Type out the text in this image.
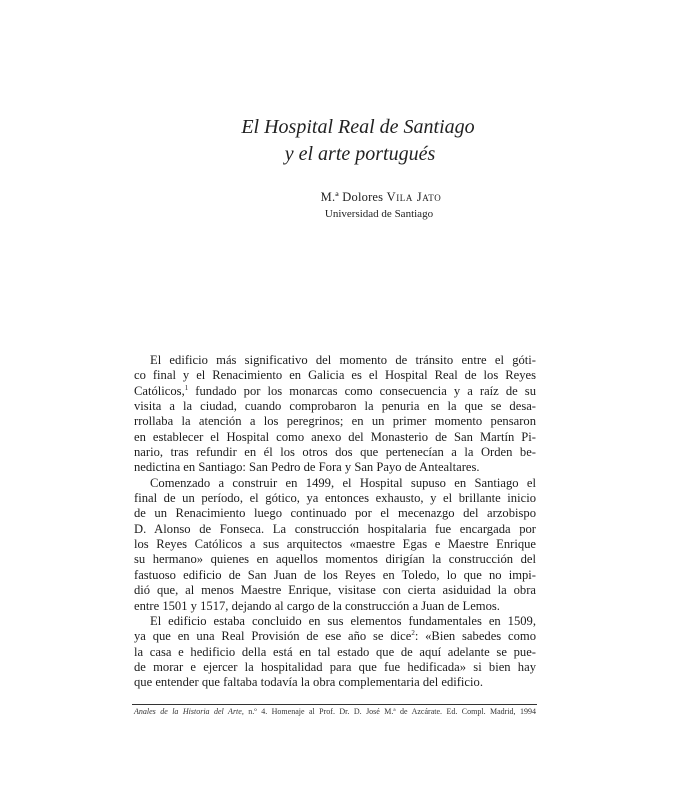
El Hospital Real de Santiago
y el arte portugués
M.ª Dolores Vila Jato
Universidad de Santiago
El edificio más significativo del momento de tránsito entre el góti-
co final y el Renacimiento en Galicia es el Hospital Real de los Reyes
Católicos,$^1$ fundado por los monarcas como consecuencia y a raíz de su
visita a la ciudad, cuando comprobaron la penuria en la que se desa-
rrollaba la atención a los peregrinos; en un primer momento pensaron
en establecer el Hospital como anexo del Monasterio de San Martín Pi-
nario, tras refundir en él los otros dos que pertenecían a la Orden be-
nedictina en Santiago: San Pedro de Fora y San Payo de Antealtares.
Comenzado a construir en 1499, el Hospital supuso en Santiago el
final de un período, el gótico, ya entonces exhausto, y el brillante inicio
de un Renacimiento luego continuado por el mecenazgo del arzobispo
D. Alonso de Fonseca. La construcción hospitalaria fue encargada por
los Reyes Católicos a sus arquitectos «maestre Egas e Maestre Enrique
su hermano» quienes en aquellos momentos dirigían la construcción del
fastuoso edificio de San Juan de los Reyes en Toledo, lo que no impi-
dió que, al menos Maestre Enrique, visitase con cierta asiduidad la obra
entre 1501 y 1517, dejando al cargo de la construcción a Juan de Lemos.
El edificio estaba concluido en sus elementos fundamentales en 1509,
ya que en una Real Provisión de ese año se dice$^2$: «Bien sabedes como
la casa e hedificio della está en tal estado que de aquí adelante se pue-
de morar e ejercer la hospitalidad para que fue hedificada» si bien hay
que entender que faltaba todavía la obra complementaria del edificio.
Anales de la Historia del Arte, n.º 4. Homenaje al Prof. Dr. D. José M.ª de Azcárate. Ed. Compl. Madrid, 1994
